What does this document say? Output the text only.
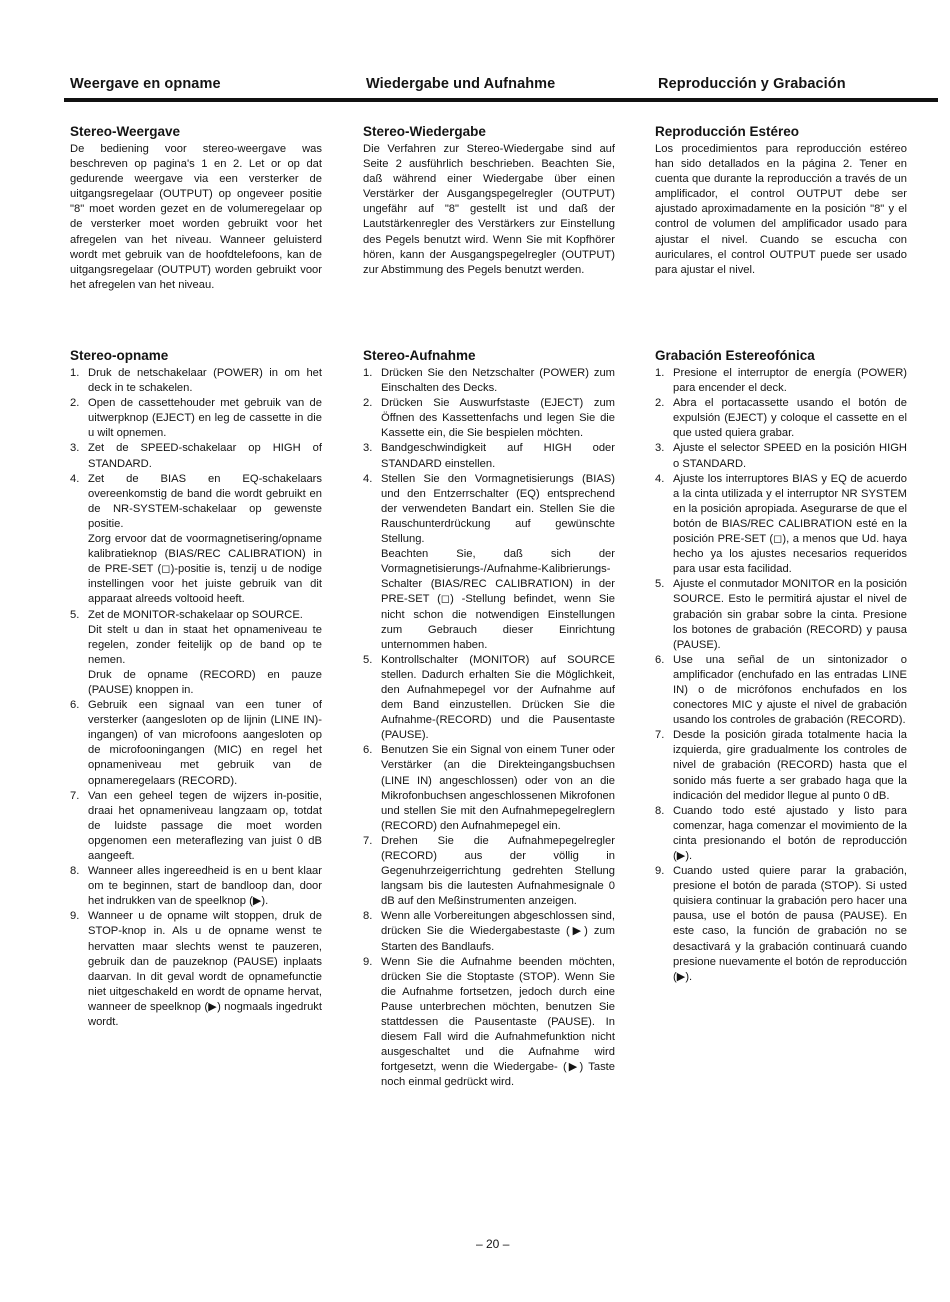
Weergave en opname	Wiedergabe und Aufnahme	Reproducción y Grabación
Stereo-Weergave

De bediening voor stereo-weergave was beschreven op pagina's 1 en 2. Let or op dat gedurende weergave via een versterker de uitgangsregelaar (OUTPUT) op ongeveer positie "8" moet worden gezet en de volumeregelaar op de versterker moet worden gebruikt voor het afregelen van het niveau. Wanneer geluisterd wordt met gebruik van de hoofdtelefoons, kan de uitgangsregelaar (OUTPUT) worden gebruikt voor het afregelen van het niveau.

Stereo-opname
1. Druk de netschakelaar (POWER) in om het deck in te schakelen.
2. Open de cassettehouder met gebruik van de uitwerpknop (EJECT) en leg de cassette in die u wilt opnemen.
3. Zet de SPEED-schakelaar op HIGH of STANDARD.
4. Zet de BIAS en EQ-schakelaars overeenkomstig de band die wordt gebruikt en de NR-SYSTEM-schakelaar op gewenste positie.
Zorg ervoor dat de voormagnetisering/opname kalibratieknop (BIAS/REC CALIBRATION) in de PRE-SET (◻)-positie is, tenzij u de nodige instellingen voor het juiste gebruik van dit apparaat alreeds voltooid heeft.
5. Zet de MONITOR-schakelaar op SOURCE.
Dit stelt u dan in staat het opnameniveau te regelen, zonder feitelijk op de band op te nemen.
Druk de opname (RECORD) en pauze (PAUSE) knoppen in.
6. Gebruik een signaal van een tuner of versterker (aangesloten op de lijnin (LINE IN)-ingangen) of van microfoons aangesloten op de microfooningangen (MIC) en regel het opnameniveau met gebruik van de opnameregelaars (RECORD).
7. Van een geheel tegen de wijzers in-positie, draai het opnameniveau langzaam op, totdat de luidste passage die moet worden opgenomen een meteraflezing van juist 0 dB aangeeft.
8. Wanneer alles ingereedheid is en u bent klaar om te beginnen, start de bandloop dan, door het indrukken van de speelknop (▶).
9. Wanneer u de opname wilt stoppen, druk de STOP-knop in. Als u de opname wenst te hervatten maar slechts wenst te pauzeren, gebruik dan de pauzeknop (PAUSE) inplaats daarvan. In dit geval wordt de opnamefunctie niet uitgeschakeld en wordt de opname hervat, wanneer de speelknop (▶) nogmaals ingedrukt wordt.
Stereo-Wiedergabe

Die Verfahren zur Stereo-Wiedergabe sind auf Seite 2 ausführlich beschrieben. Beachten Sie, daß während einer Wiedergabe über einen Verstärker der Ausgangspegelregler (OUTPUT) ungefähr auf "8" gestellt ist und daß der Lautstärkenregler des Verstärkers zur Einstellung des Pegels benutzt wird. Wenn Sie mit Kopfhörer hören, kann der Ausgangspegelregler (OUTPUT) zur Abstimmung des Pegels benutzt werden.

Stereo-Aufnahme
1. Drücken Sie den Netzschalter (POWER) zum Einschalten des Decks.
2. Drücken Sie Auswurfstaste (EJECT) zum Öffnen des Kassettenfachs und legen Sie die Kassette ein, die Sie bespielen möchten.
3. Bandgeschwindigkeit auf HIGH oder STANDARD einstellen.
4. Stellen Sie den Vormagnetisierungs (BIAS) und den Entzerrschalter (EQ) entsprechend der verwendeten Bandart ein. Stellen Sie die Rauschunterdrückung auf gewünschte Stellung.
Beachten Sie, daß sich der Vormagnetisierungs-/Aufnahme-Kalibrierungs-Schalter (BIAS/REC CALIBRATION) in der PRE-SET (◻) -Stellung befindet, wenn Sie nicht schon die notwendigen Einstellungen zum Gebrauch dieser Einrichtung unternommen haben.
5. Kontrollschalter (MONITOR) auf SOURCE stellen. Dadurch erhalten Sie die Möglichkeit, den Aufnahmepegel vor der Aufnahme auf dem Band einzustellen. Drücken Sie die Aufnahme-(RECORD) und die Pausentaste (PAUSE).
6. Benutzen Sie ein Signal von einem Tuner oder Verstärker (an die Direkteingangsbuchsen (LINE IN) angeschlossen) oder von an die Mikrofonbuchsen angeschlossenen Mikrofonen und stellen Sie mit den Aufnahmepegelreglern (RECORD) den Aufnahmepegel ein.
7. Drehen Sie die Aufnahmepegelregler (RECORD) aus der völlig in Gegenuhrzeigerrichtung gedrehten Stellung langsam bis die lautesten Aufnahmesignale 0 dB auf den Meßinstrumenten anzeigen.
8. Wenn alle Vorbereitungen abgeschlossen sind, drücken Sie die Wiedergabestaste (▶) zum Starten des Bandlaufs.
9. Wenn Sie die Aufnahme beenden möchten, drücken Sie die Stoptaste (STOP). Wenn Sie die Aufnahme fortsetzen, jedoch durch eine Pause unterbrechen möchten, benutzen Sie stattdessen die Pausentaste (PAUSE). In diesem Fall wird die Aufnahmefunktion nicht ausgeschaltet und die Aufnahme wird fortgesetzt, wenn die Wiedergabe- (▶) Taste noch einmal gedrückt wird.
Reproducción Estéreo

Los procedimientos para reproducción estéreo han sido detallados en la página 2. Tener en cuenta que durante la reproducción a través de un amplificador, el control OUTPUT debe ser ajustado aproximadamente en la posición "8" y el control de volumen del amplificador usado para ajustar el nivel. Cuando se escucha con auriculares, el control OUTPUT puede ser usado para ajustar el nivel.

Grabación Estereofónica
1. Presione el interruptor de energía (POWER) para encender el deck.
2. Abra el portacassette usando el botón de expulsión (EJECT) y coloque el cassette en el que usted quiera grabar.
3. Ajuste el selector SPEED en la posición HIGH o STANDARD.
4. Ajuste los interruptores BIAS y EQ de acuerdo a la cinta utilizada y el interruptor NR SYSTEM en la posición apropiada. Asegurarse de que el botón de BIAS/REC CALIBRATION esté en la posición PRE-SET (◻), a menos que Ud. haya hecho ya los ajustes necesarios requeridos para usar esta facilidad.
5. Ajuste el conmutador MONITOR en la posición SOURCE. Esto le permitirá ajustar el nivel de grabación sin grabar sobre la cinta. Presione los botones de grabación (RECORD) y pausa (PAUSE).
6. Use una señal de un sintonizador o amplificador (enchufado en las entradas LINE IN) o de micrófonos enchufados en los conectores MIC y ajuste el nivel de grabación usando los controles de grabación (RECORD).
7. Desde la posición girada totalmente hacia la izquierda, gire gradualmente los controles de nivel de grabación (RECORD) hasta que el sonido más fuerte a ser grabado haga que la indicación del medidor llegue al punto 0 dB.
8. Cuando todo esté ajustado y listo para comenzar, haga comenzar el movimiento de la cinta presionando el botón de reproducción (▶).
9. Cuando usted quiere parar la grabación, presione el botón de parada (STOP). Si usted quisiera continuar la grabación pero hacer una pausa, use el botón de pausa (PAUSE). En este caso, la función de grabación no se desactivará y la grabación continuará cuando presione nuevamente el botón de reproducción (▶).
– 20 –
